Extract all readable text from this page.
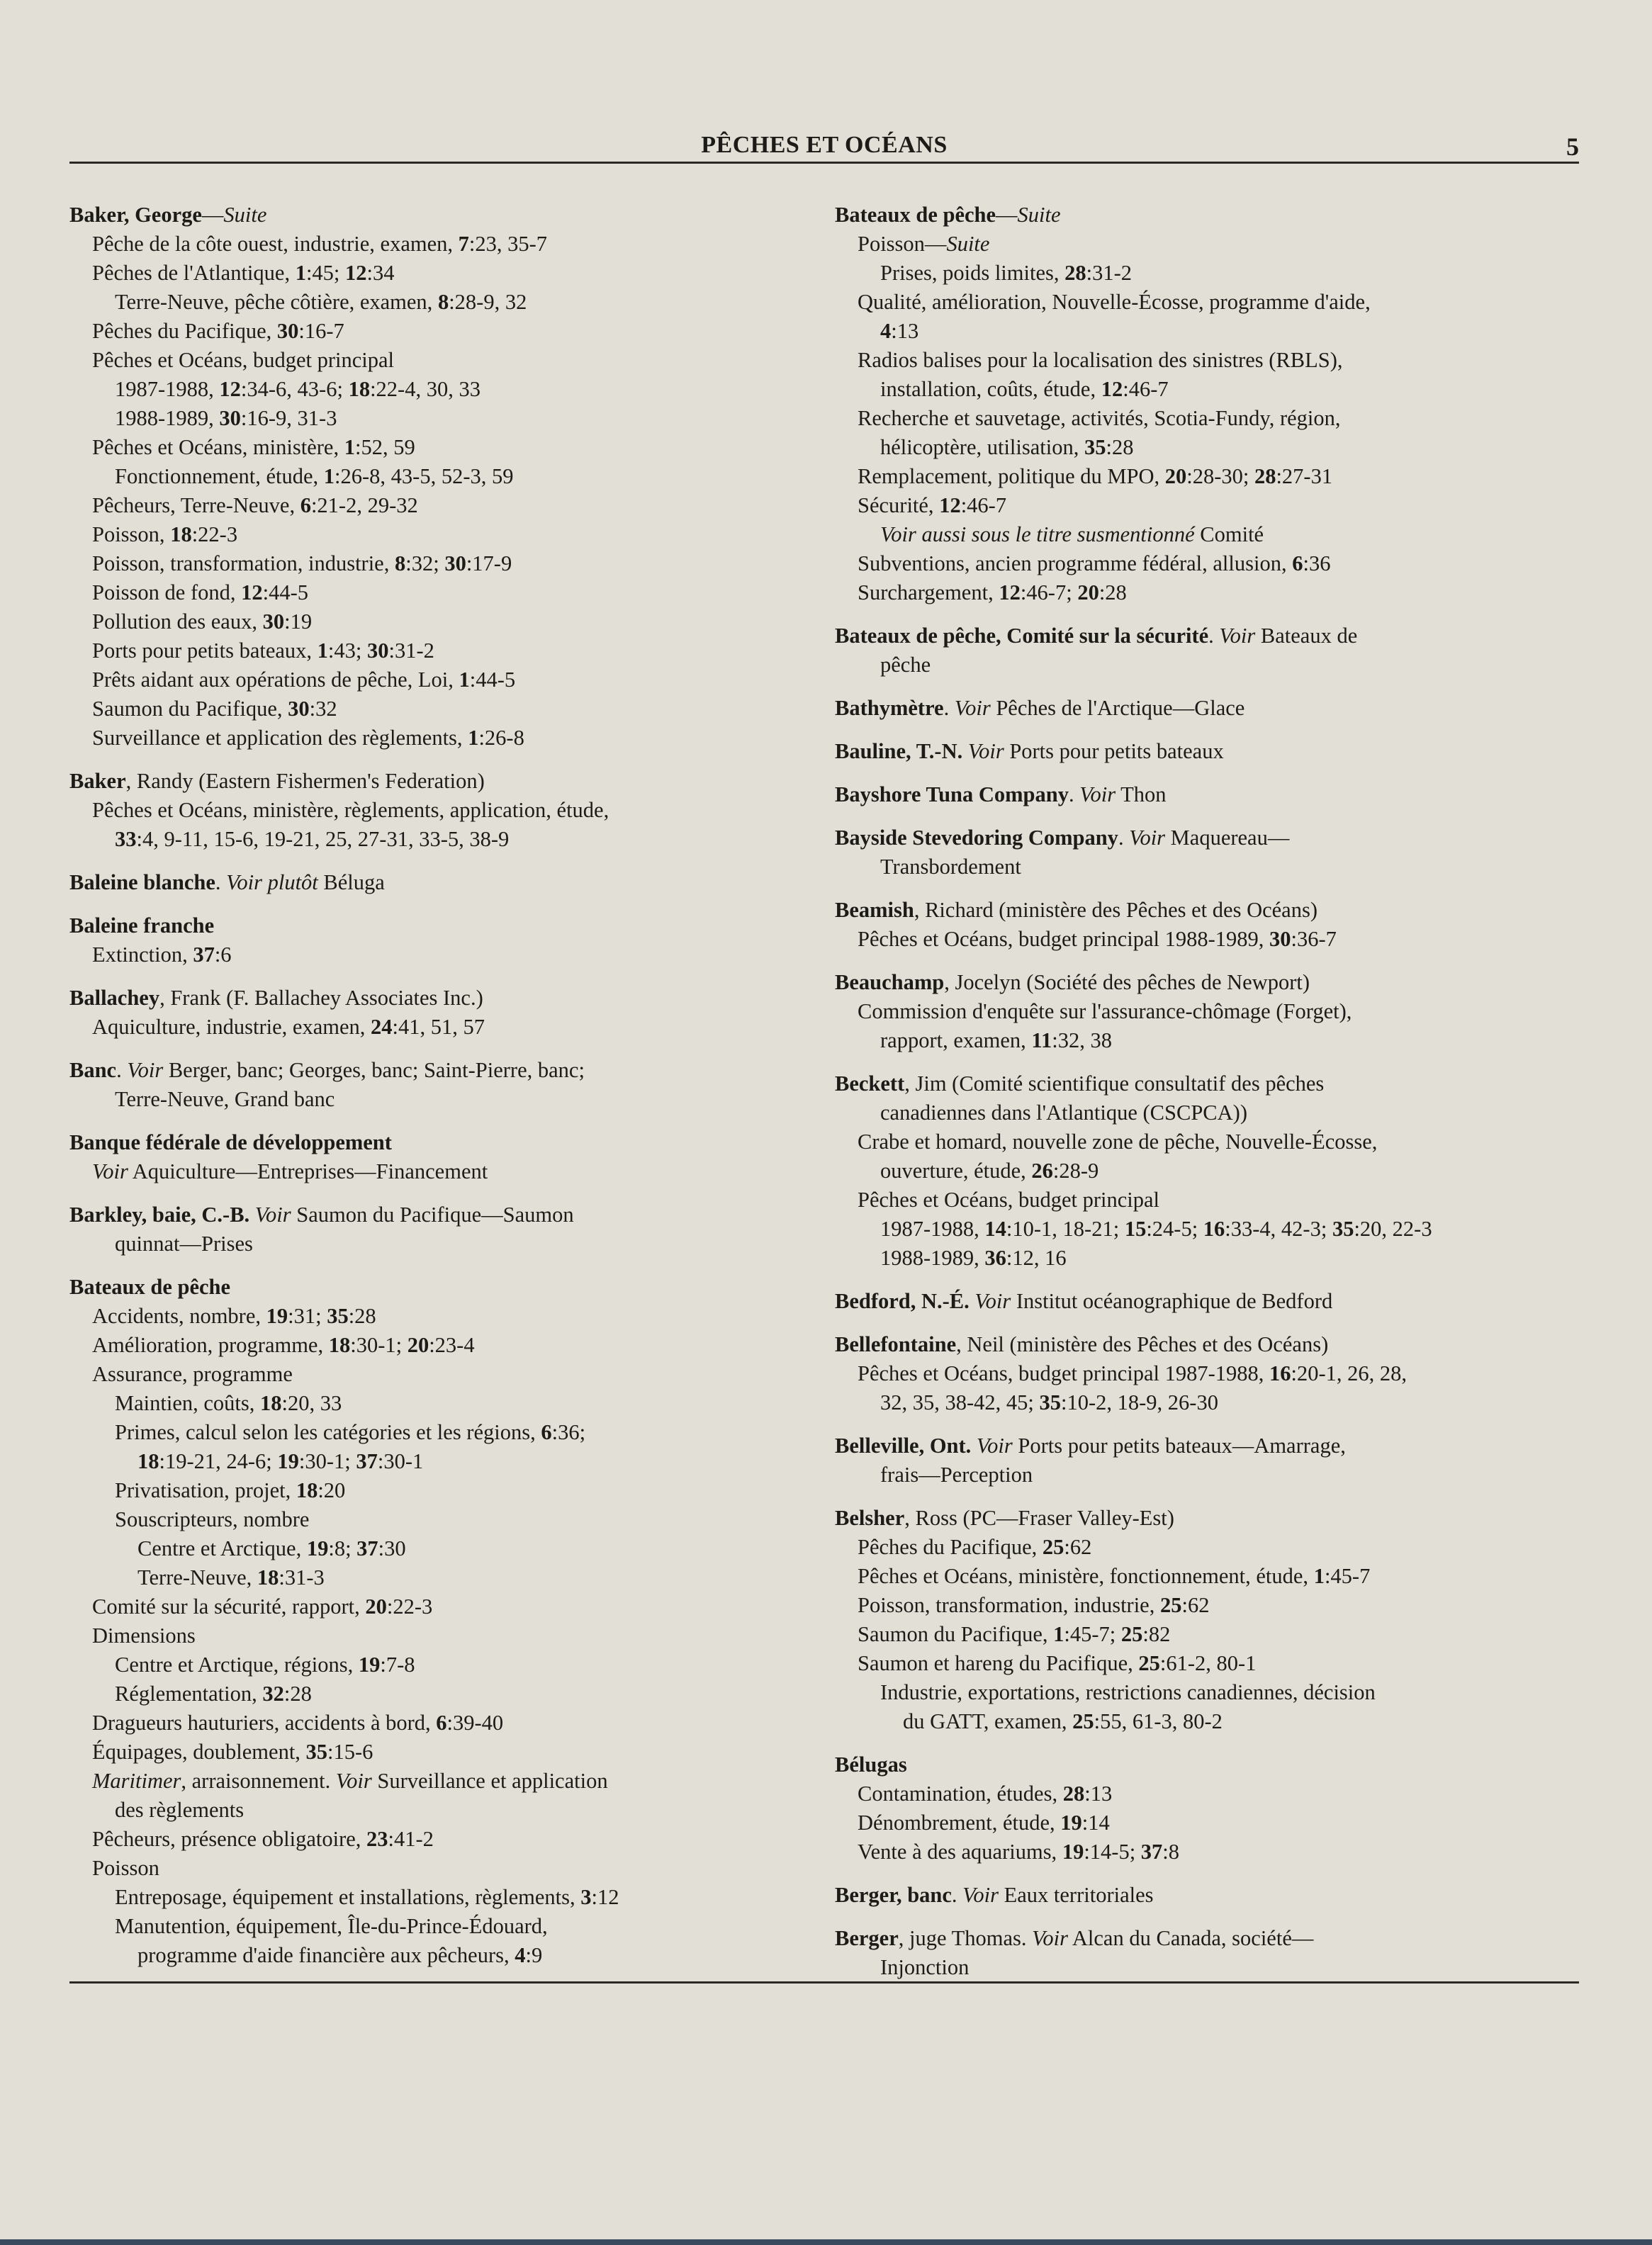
PÊCHES ET OCÉANS	5
Baker, George—Suite
Pêche de la côte ouest, industrie, examen, 7:23, 35-7
Pêches de l'Atlantique, 1:45; 12:34
Terre-Neuve, pêche côtière, examen, 8:28-9, 32
Pêches du Pacifique, 30:16-7
Pêches et Océans, budget principal
1987-1988, 12:34-6, 43-6; 18:22-4, 30, 33
1988-1989, 30:16-9, 31-3
Pêches et Océans, ministère, 1:52, 59
Fonctionnement, étude, 1:26-8, 43-5, 52-3, 59
Pêcheurs, Terre-Neuve, 6:21-2, 29-32
Poisson, 18:22-3
Poisson, transformation, industrie, 8:32; 30:17-9
Poisson de fond, 12:44-5
Pollution des eaux, 30:19
Ports pour petits bateaux, 1:43; 30:31-2
Prêts aidant aux opérations de pêche, Loi, 1:44-5
Saumon du Pacifique, 30:32
Surveillance et application des règlements, 1:26-8
Baker, Randy (Eastern Fishermen's Federation)
Pêches et Océans, ministère, règlements, application, étude,
33:4, 9-11, 15-6, 19-21, 25, 27-31, 33-5, 38-9
Baleine blanche. Voir plutôt Béluga
Baleine franche
Extinction, 37:6
Ballachey, Frank (F. Ballachey Associates Inc.)
Aquiculture, industrie, examen, 24:41, 51, 57
Banc. Voir Berger, banc; Georges, banc; Saint-Pierre, banc;
Terre-Neuve, Grand banc
Banque fédérale de développement
Voir Aquiculture—Entreprises—Financement
Barkley, baie, C.-B. Voir Saumon du Pacifique—Saumon
quinnat—Prises
Bateaux de pêche
Accidents, nombre, 19:31; 35:28
Amélioration, programme, 18:30-1; 20:23-4
Assurance, programme
Maintien, coûts, 18:20, 33
Primes, calcul selon les catégories et les régions, 6:36;
18:19-21, 24-6; 19:30-1; 37:30-1
Privatisation, projet, 18:20
Souscripteurs, nombre
Centre et Arctique, 19:8; 37:30
Terre-Neuve, 18:31-3
Comité sur la sécurité, rapport, 20:22-3
Dimensions
Centre et Arctique, régions, 19:7-8
Réglementation, 32:28
Dragueurs hauturiers, accidents à bord, 6:39-40
Équipages, doublement, 35:15-6
Maritimer, arraisonnement. Voir Surveillance et application
des règlements
Pêcheurs, présence obligatoire, 23:41-2
Poisson
Entreposage, équipement et installations, règlements, 3:12
Manutention, équipement, Île-du-Prince-Édouard,
programme d'aide financière aux pêcheurs, 4:9
Bateaux de pêche—Suite
Poisson—Suite
Prises, poids limites, 28:31-2
Qualité, amélioration, Nouvelle-Écosse, programme d'aide,
4:13
Radios balises pour la localisation des sinistres (RBLS),
installation, coûts, étude, 12:46-7
Recherche et sauvetage, activités, Scotia-Fundy, région,
hélicoptère, utilisation, 35:28
Remplacement, politique du MPO, 20:28-30; 28:27-31
Sécurité, 12:46-7
Voir aussi sous le titre susmentionné Comité
Subventions, ancien programme fédéral, allusion, 6:36
Surchargement, 12:46-7; 20:28
Bateaux de pêche, Comité sur la sécurité. Voir Bateaux de
pêche
Bathymètre. Voir Pêches de l'Arctique—Glace
Bauline, T.-N. Voir Ports pour petits bateaux
Bayshore Tuna Company. Voir Thon
Bayside Stevedoring Company. Voir Maquereau—
Transbordement
Beamish, Richard (ministère des Pêches et des Océans)
Pêches et Océans, budget principal 1988-1989, 30:36-7
Beauchamp, Jocelyn (Société des pêches de Newport)
Commission d'enquête sur l'assurance-chômage (Forget),
rapport, examen, 11:32, 38
Beckett, Jim (Comité scientifique consultatif des pêches
canadiennes dans l'Atlantique (CSCPCA))
Crabe et homard, nouvelle zone de pêche, Nouvelle-Écosse,
ouverture, étude, 26:28-9
Pêches et Océans, budget principal
1987-1988, 14:10-1, 18-21; 15:24-5; 16:33-4, 42-3; 35:20, 22-3
1988-1989, 36:12, 16
Bedford, N.-É. Voir Institut océanographique de Bedford
Bellefontaine, Neil (ministère des Pêches et des Océans)
Pêches et Océans, budget principal 1987-1988, 16:20-1, 26, 28,
32, 35, 38-42, 45; 35:10-2, 18-9, 26-30
Belleville, Ont. Voir Ports pour petits bateaux—Amarrage,
frais—Perception
Belsher, Ross (PC—Fraser Valley-Est)
Pêches du Pacifique, 25:62
Pêches et Océans, ministère, fonctionnement, étude, 1:45-7
Poisson, transformation, industrie, 25:62
Saumon du Pacifique, 1:45-7; 25:82
Saumon et hareng du Pacifique, 25:61-2, 80-1
Industrie, exportations, restrictions canadiennes, décision
du GATT, examen, 25:55, 61-3, 80-2
Bélugas
Contamination, études, 28:13
Dénombrement, étude, 19:14
Vente à des aquariums, 19:14-5; 37:8
Berger, banc. Voir Eaux territoriales
Berger, juge Thomas. Voir Alcan du Canada, société—
Injonction
